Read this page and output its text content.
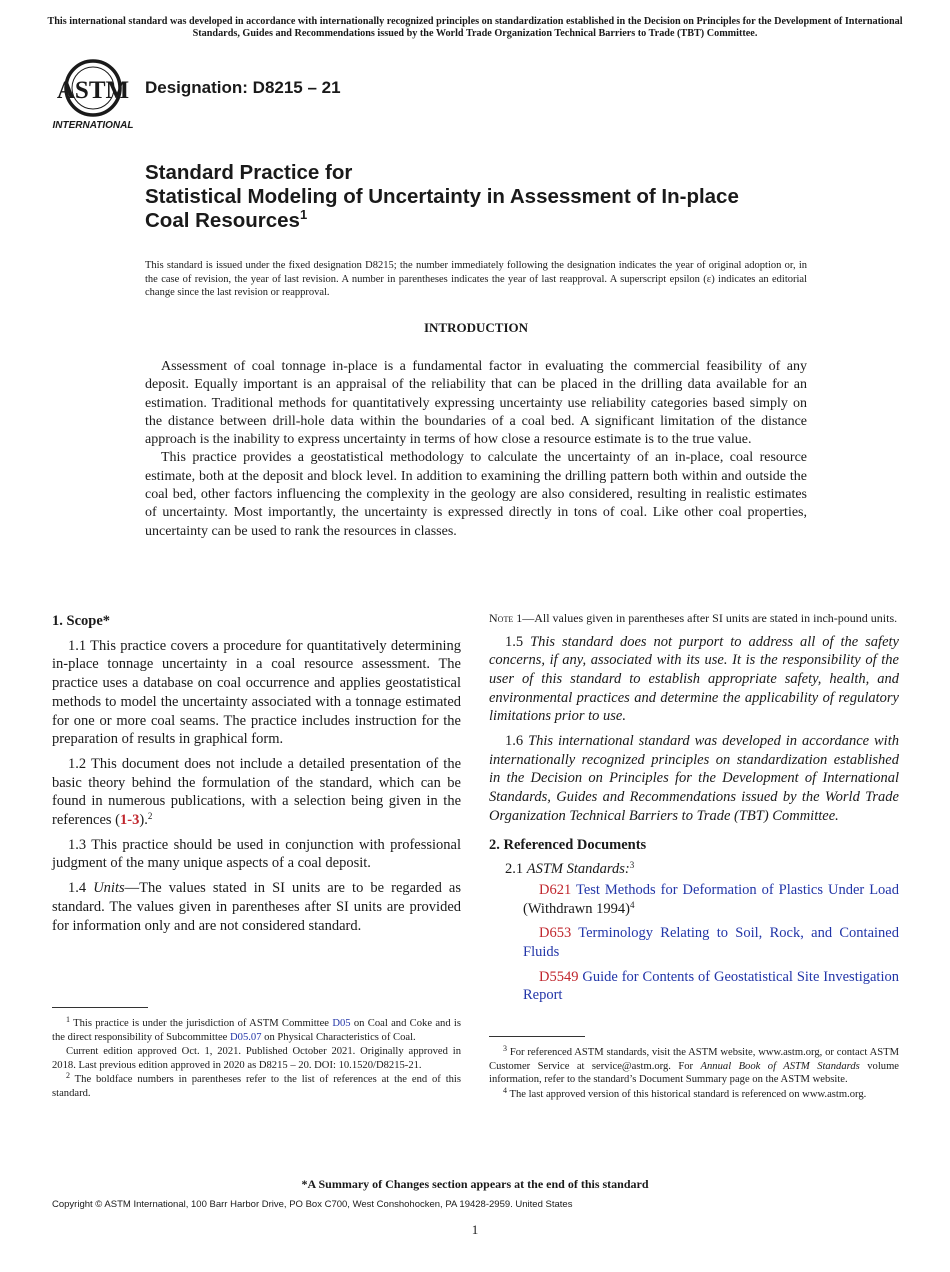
This international standard was developed in accordance with internationally recognized principles on standardization established in the Decision on Principles for the Development of International Standards, Guides and Recommendations issued by the World Trade Organization Technical Barriers to Trade (TBT) Committee.
ASTM
INTERNATIONAL
Designation: D8215 – 21
Standard Practice for
Statistical Modeling of Uncertainty in Assessment of In-place Coal Resources$^1$
This standard is issued under the fixed designation D8215; the number immediately following the designation indicates the year of original adoption or, in the case of revision, the year of last revision. A number in parentheses indicates the year of last reapproval. A superscript epsilon (ε) indicates an editorial change since the last revision or reapproval.
INTRODUCTION

Assessment of coal tonnage in-place is a fundamental factor in evaluating the commercial feasibility of any deposit. Equally important is an appraisal of the reliability that can be placed in the drilling data available for an estimation. Traditional methods for quantitatively expressing uncertainty use reliability categories based simply on the distance between drill-hole data within the boundaries of a coal bed. A significant limitation of the distance approach is the inability to express uncertainty in terms of how close a resource estimate is to the true value.

This practice provides a geostatistical methodology to calculate the uncertainty of an in-place, coal resource estimate, both at the deposit and block level. In addition to examining the drilling pattern both within and outside the coal bed, other factors influencing the complexity in the geology are also considered, resulting in realistic estimates of uncertainty. Most importantly, the uncertainty is expressed directly in tons of coal. Like other coal properties, uncertainty can be used to rank the resources in classes.

1. Scope*

1.1 This practice covers a procedure for quantitatively determining in-place tonnage uncertainty in a coal resource assessment. The practice uses a database on coal occurrence and applies geostatistical methods to model the uncertainty associated with a tonnage estimated for one or more coal seams. The practice includes instruction for the preparation of results in graphical form.

1.2 This document does not include a detailed presentation of the basic theory behind the formulation of the standard, which can be found in numerous publications, with a selection being given in the references (1-3).$^2$

1.3 This practice should be used in conjunction with professional judgment of the many unique aspects of a coal deposit.

1.4 Units—The values stated in SI units are to be regarded as standard. The values given in parentheses after SI units are provided for information only and are not considered standard.

Note 1—All values given in parentheses after SI units are stated in inch-pound units.

1.5 This standard does not purport to address all of the safety concerns, if any, associated with its use. It is the responsibility of the user of this standard to establish appropriate safety, health, and environmental practices and determine the applicability of regulatory limitations prior to use.

1.6 This international standard was developed in accordance with internationally recognized principles on standardization established in the Decision on Principles for the Development of International Standards, Guides and Recommendations issued by the World Trade Organization Technical Barriers to Trade (TBT) Committee.

2. Referenced Documents

2.1 ASTM Standards:$^3$

D621 Test Methods for Deformation of Plastics Under Load (Withdrawn 1994)$^4$

D653 Terminology Relating to Soil, Rock, and Contained Fluids

D5549 Guide for Contents of Geostatistical Site Investigation Report

$^1$ This practice is under the jurisdiction of ASTM Committee D05 on Coal and Coke and is the direct responsibility of Subcommittee D05.07 on Physical Characteristics of Coal.

Current edition approved Oct. 1, 2021. Published October 2021. Originally approved in 2018. Last previous edition approved in 2020 as D8215 – 20. DOI: 10.1520/D8215-21.

$^2$ The boldface numbers in parentheses refer to the list of references at the end of this standard.

$^3$ For referenced ASTM standards, visit the ASTM website, www.astm.org, or contact ASTM Customer Service at service@astm.org. For Annual Book of ASTM Standards volume information, refer to the standard’s Document Summary page on the ASTM website.

$^4$ The last approved version of this historical standard is referenced on www.astm.org.

*A Summary of Changes section appears at the end of this standard
Copyright © ASTM International, 100 Barr Harbor Drive, PO Box C700, West Conshohocken, PA 19428-2959. United States
1
